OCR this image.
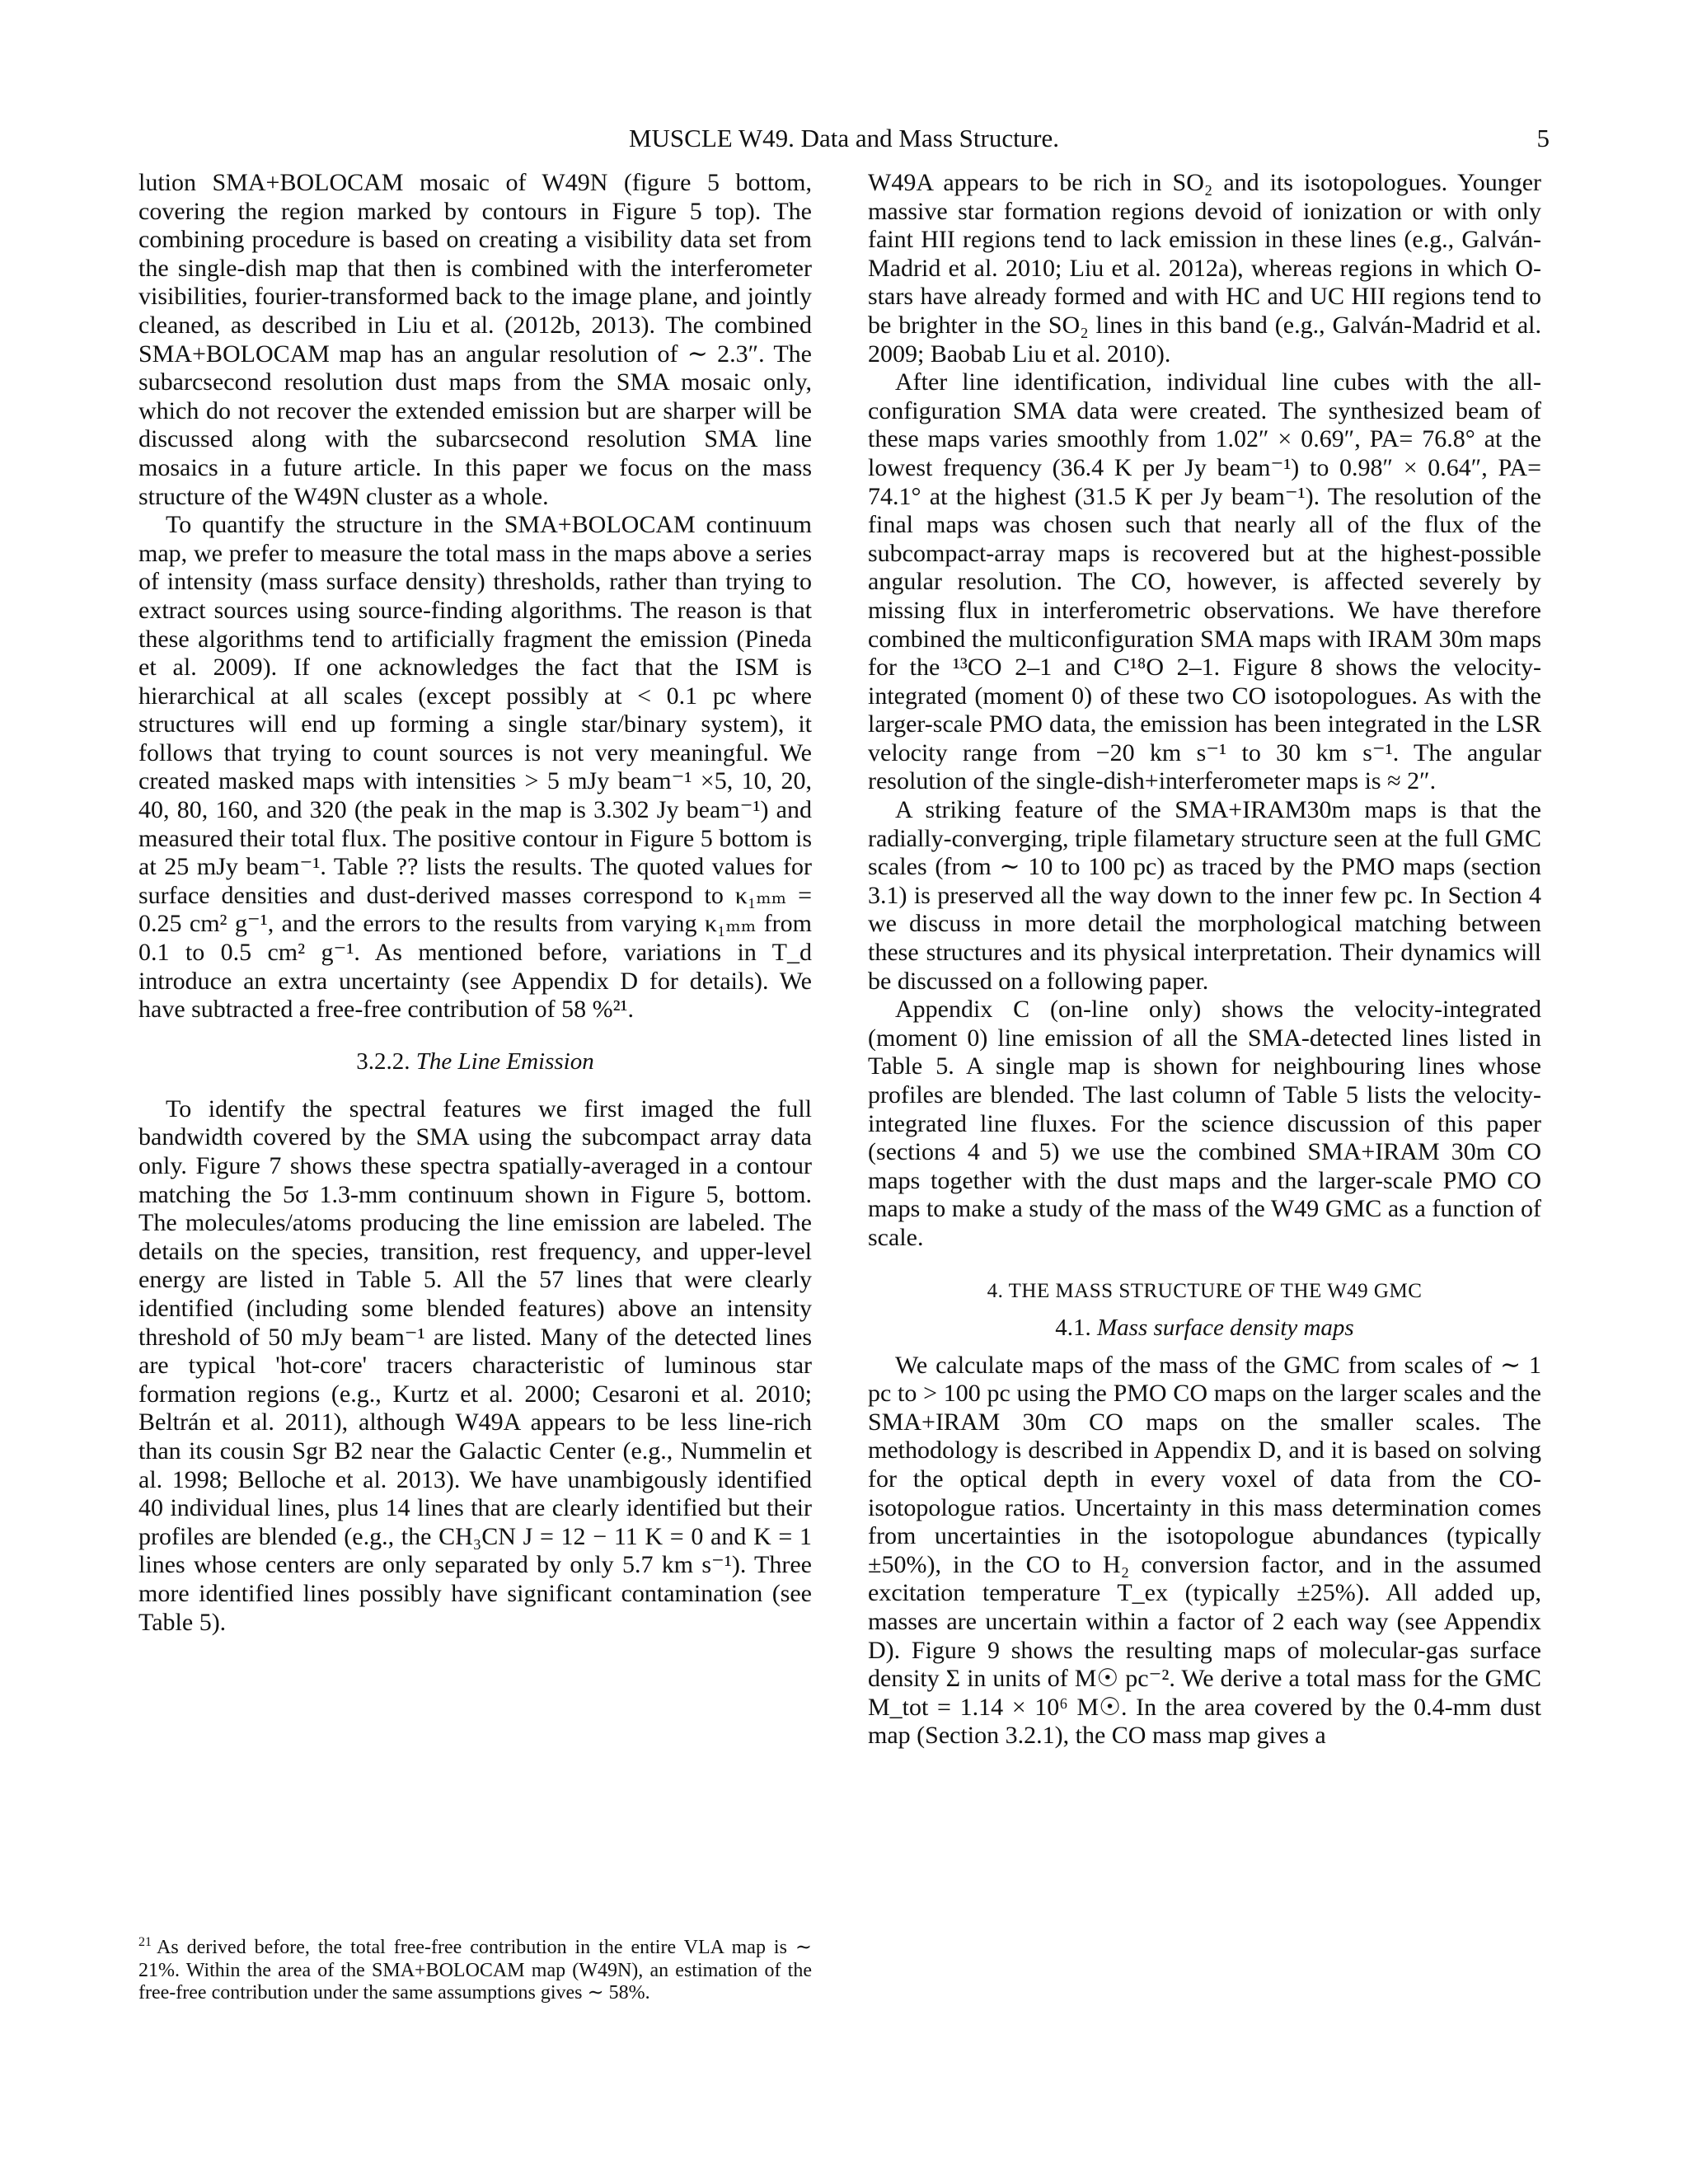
MUSCLE W49. Data and Mass Structure.	5

lution SMA+BOLOCAM mosaic of W49N (figure 5 bottom, covering the region marked by contours in Figure 5 top). The combining procedure is based on creating a visibility data set from the single-dish map that then is combined with the interferometer visibilities, fourier-transformed back to the image plane, and jointly cleaned, as described in Liu et al. (2012b, 2013). The combined SMA+BOLOCAM map has an angular resolution of ∼ 2.3″. The subarcsecond resolution dust maps from the SMA mosaic only, which do not recover the extended emission but are sharper will be discussed along with the subarcsecond resolution SMA line mosaics in a future article. In this paper we focus on the mass structure of the W49N cluster as a whole.

To quantify the structure in the SMA+BOLOCAM continuum map, we prefer to measure the total mass in the maps above a series of intensity (mass surface density) thresholds, rather than trying to extract sources using source-finding algorithms. The reason is that these algorithms tend to artificially fragment the emission (Pineda et al. 2009). If one acknowledges the fact that the ISM is hierarchical at all scales (except possibly at < 0.1 pc where structures will end up forming a single star/binary system), it follows that trying to count sources is not very meaningful. We created masked maps with intensities > 5 mJy beam⁻¹ ×5, 10, 20, 40, 80, 160, and 320 (the peak in the map is 3.302 Jy beam⁻¹) and measured their total flux. The positive contour in Figure 5 bottom is at 25 mJy beam⁻¹. Table ?? lists the results. The quoted values for surface densities and dust-derived masses correspond to κ₁ₘₘ = 0.25 cm² g⁻¹, and the errors to the results from varying κ₁ₘₘ from 0.1 to 0.5 cm² g⁻¹. As mentioned before, variations in T_d introduce an extra uncertainty (see Appendix D for details). We have subtracted a free-free contribution of 58 %²¹.

3.2.2. The Line Emission

To identify the spectral features we first imaged the full bandwidth covered by the SMA using the subcompact array data only. Figure 7 shows these spectra spatially-averaged in a contour matching the 5σ 1.3-mm continuum shown in Figure 5, bottom. The molecules/atoms producing the line emission are labeled. The details on the species, transition, rest frequency, and upper-level energy are listed in Table 5. All the 57 lines that were clearly identified (including some blended features) above an intensity threshold of 50 mJy beam⁻¹ are listed. Many of the detected lines are typical 'hot-core' tracers characteristic of luminous star formation regions (e.g., Kurtz et al. 2000; Cesaroni et al. 2010; Beltrán et al. 2011), although W49A appears to be less line-rich than its cousin Sgr B2 near the Galactic Center (e.g., Nummelin et al. 1998; Belloche et al. 2013). We have unambigously identified 40 individual lines, plus 14 lines that are clearly identified but their profiles are blended (e.g., the CH₃CN J = 12 − 11 K = 0 and K = 1 lines whose centers are only separated by only 5.7 km s⁻¹). Three more identified lines possibly have significant contamination (see Table 5).

$^{21}$ As derived before, the total free-free contribution in the entire VLA map is ∼ 21%. Within the area of the SMA+BOLOCAM map (W49N), an estimation of the free-free contribution under the same assumptions gives ∼ 58%.

W49A appears to be rich in SO₂ and its isotopologues. Younger massive star formation regions devoid of ionization or with only faint HII regions tend to lack emission in these lines (e.g., Galván-Madrid et al. 2010; Liu et al. 2012a), whereas regions in which O-stars have already formed and with HC and UC HII regions tend to be brighter in the SO₂ lines in this band (e.g., Galván-Madrid et al. 2009; Baobab Liu et al. 2010).

After line identification, individual line cubes with the all-configuration SMA data were created. The synthesized beam of these maps varies smoothly from 1.02″ × 0.69″, PA= 76.8° at the lowest frequency (36.4 K per Jy beam⁻¹) to 0.98″ × 0.64″, PA= 74.1° at the highest (31.5 K per Jy beam⁻¹). The resolution of the final maps was chosen such that nearly all of the flux of the subcompact-array maps is recovered but at the highest-possible angular resolution. The CO, however, is affected severely by missing flux in interferometric observations. We have therefore combined the multiconfiguration SMA maps with IRAM 30m maps for the ¹³CO 2–1 and C¹⁸O 2–1. Figure 8 shows the velocity-integrated (moment 0) of these two CO isotopologues. As with the larger-scale PMO data, the emission has been integrated in the LSR velocity range from −20 km s⁻¹ to 30 km s⁻¹. The angular resolution of the single-dish+interferometer maps is ≈ 2″.

A striking feature of the SMA+IRAM30m maps is that the radially-converging, triple filametary structure seen at the full GMC scales (from ∼ 10 to 100 pc) as traced by the PMO maps (section 3.1) is preserved all the way down to the inner few pc. In Section 4 we discuss in more detail the morphological matching between these structures and its physical interpretation. Their dynamics will be discussed on a following paper.

Appendix C (on-line only) shows the velocity-integrated (moment 0) line emission of all the SMA-detected lines listed in Table 5. A single map is shown for neighbouring lines whose profiles are blended. The last column of Table 5 lists the velocity-integrated line fluxes. For the science discussion of this paper (sections 4 and 5) we use the combined SMA+IRAM 30m CO maps together with the dust maps and the larger-scale PMO CO maps to make a study of the mass of the W49 GMC as a function of scale.

4. THE MASS STRUCTURE OF THE W49 GMC
4.1. Mass surface density maps

We calculate maps of the mass of the GMC from scales of ∼ 1 pc to > 100 pc using the PMO CO maps on the larger scales and the SMA+IRAM 30m CO maps on the smaller scales. The methodology is described in Appendix D, and it is based on solving for the optical depth in every voxel of data from the CO-isotopologue ratios. Uncertainty in this mass determination comes from uncertainties in the isotopologue abundances (typically ±50%), in the CO to H₂ conversion factor, and in the assumed excitation temperature T_ex (typically ±25%). All added up, masses are uncertain within a factor of 2 each way (see Appendix D). Figure 9 shows the resulting maps of molecular-gas surface density Σ in units of M☉ pc⁻². We derive a total mass for the GMC M_tot = 1.14 × 10⁶ M☉. In the area covered by the 0.4-mm dust map (Section 3.2.1), the CO mass map gives a
